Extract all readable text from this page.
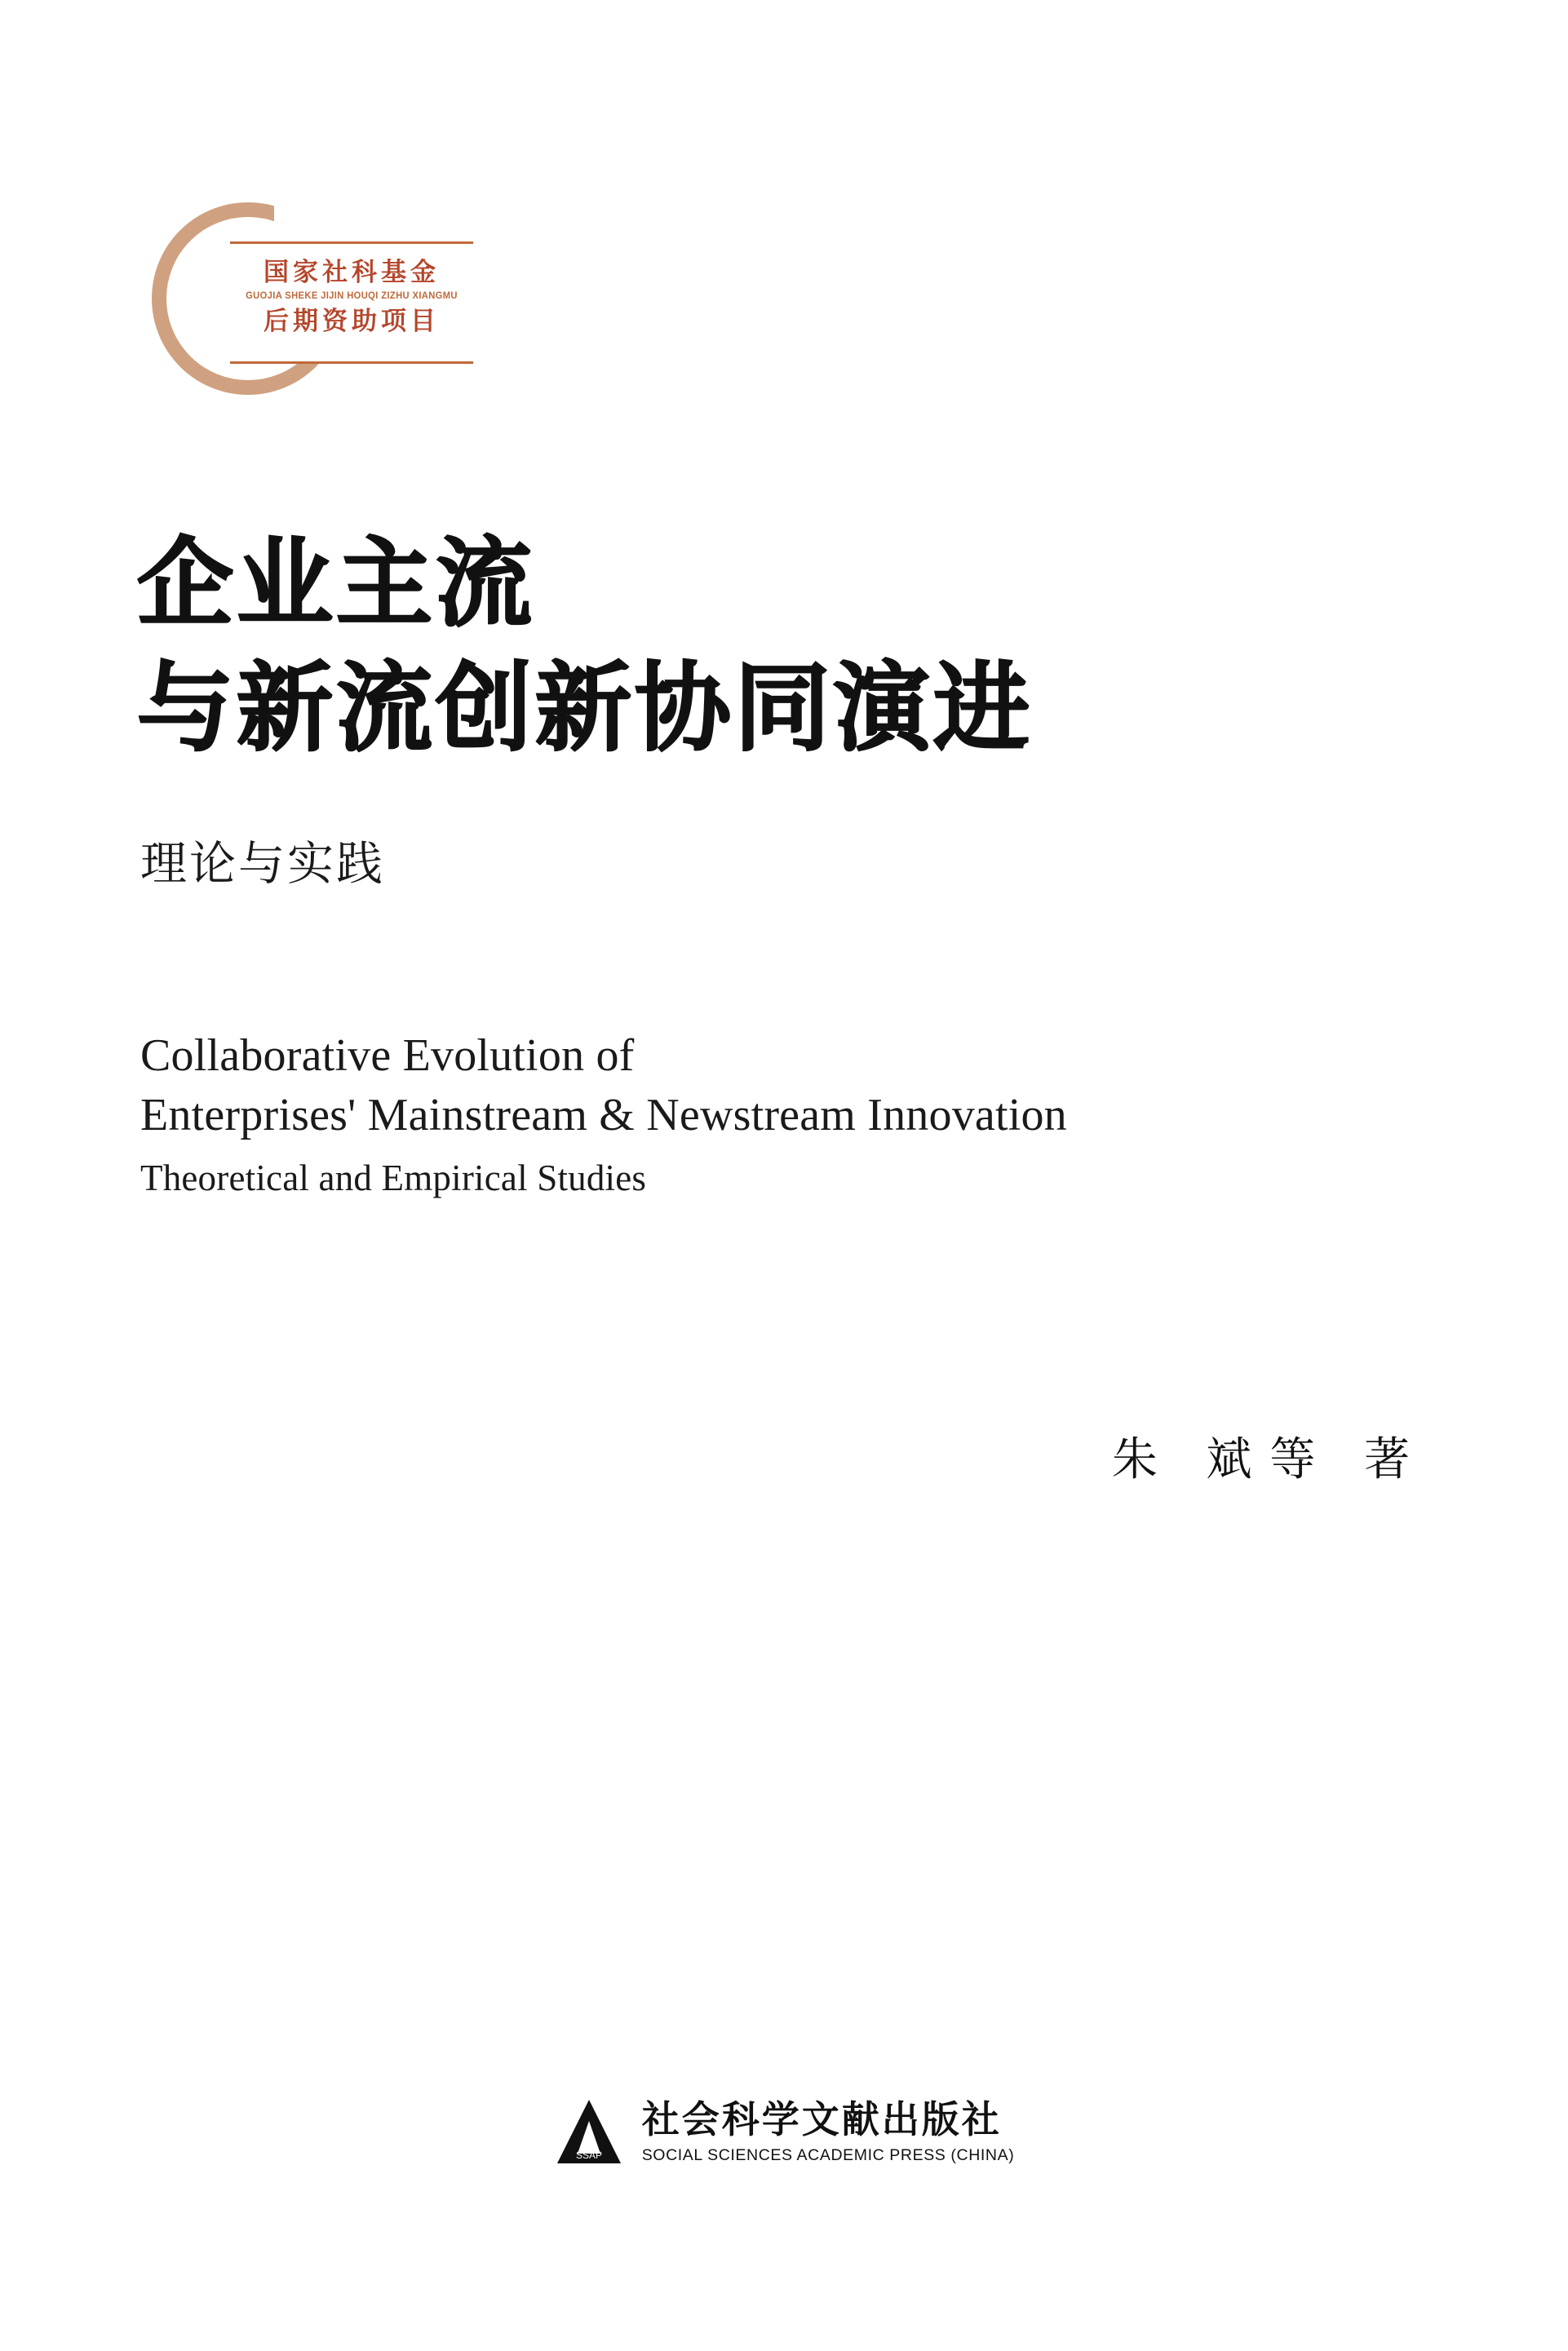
国家社科基金
GUOJIA SHEKE JIJIN HOUQI ZIZHU XIANGMU
后期资助项目
企业主流
与新流创新协同演进
理论与实践
Collaborative Evolution of
Enterprises' Mainstream & Newstream Innovation
Theoretical and Empirical Studies
朱 斌等 著
SSAP
社会科学文献出版社
SOCIAL SCIENCES ACADEMIC PRESS (CHINA)
